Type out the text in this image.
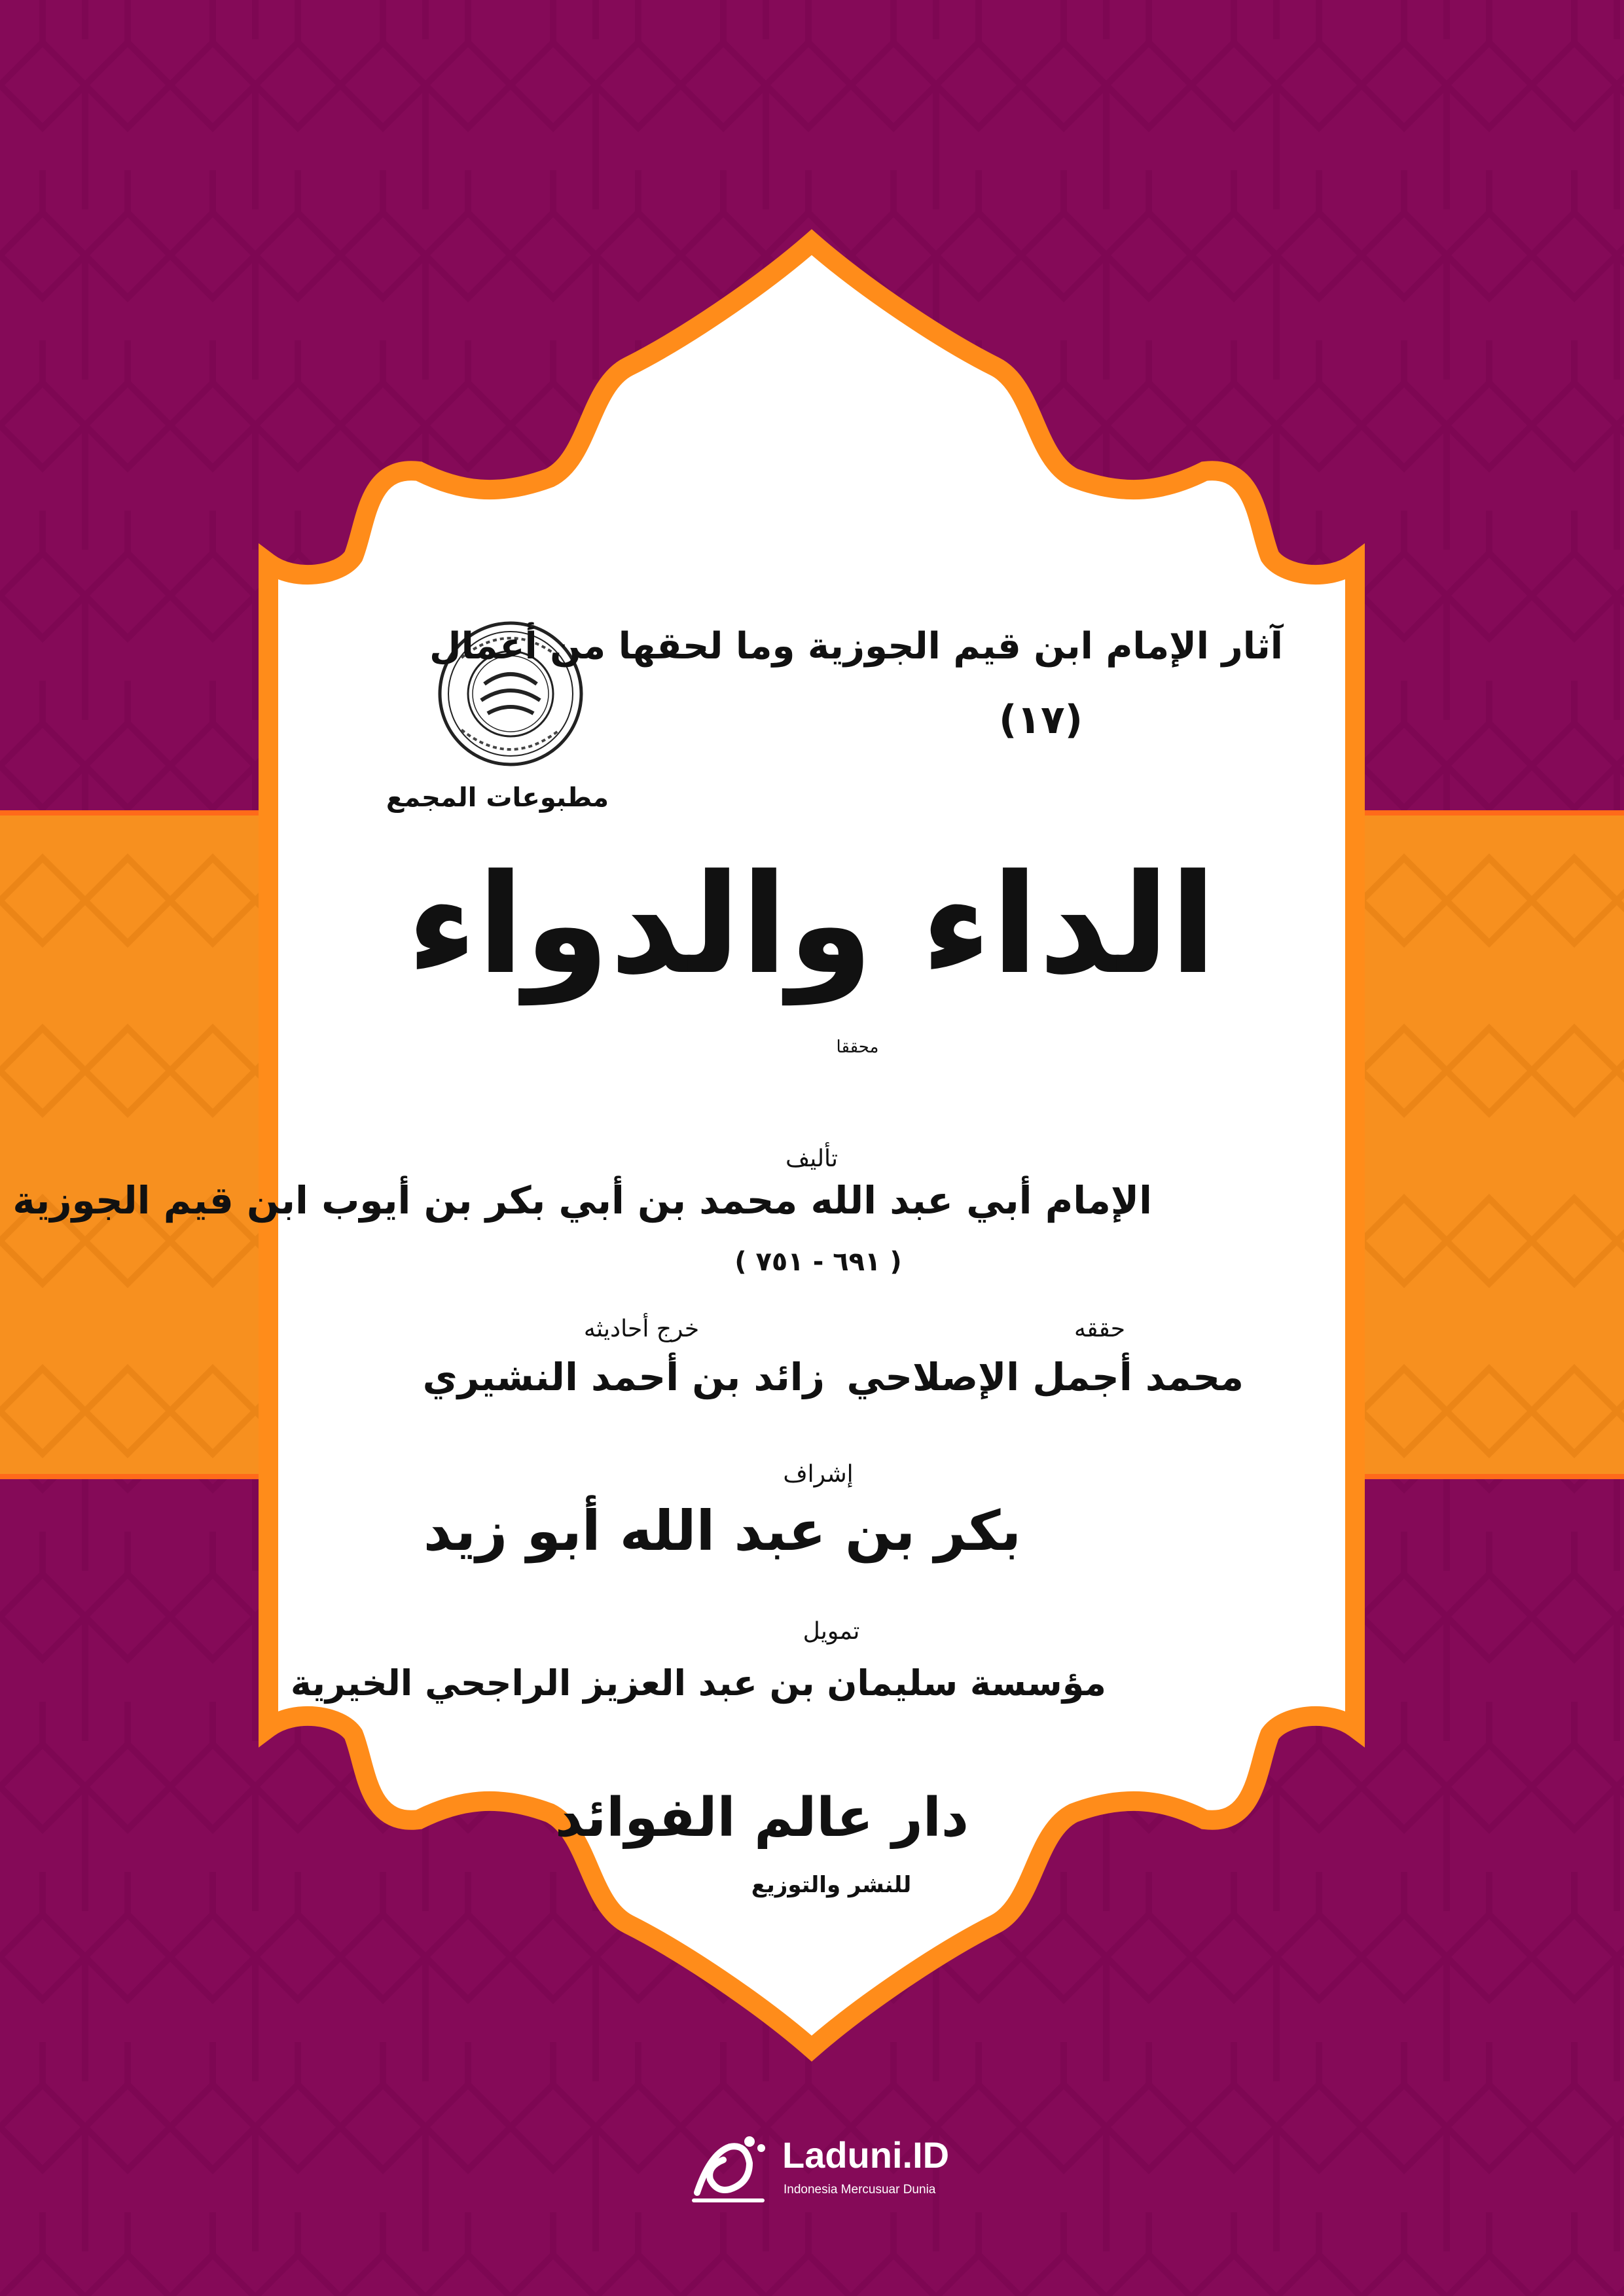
مطبوعات المجمع
آثار الإمام ابن قيم الجوزية وما لحقها من أعمال
(١٧)
الداء والدواء
محققا
تأليف
الإمام أبي عبد الله محمد بن أبي بكر بن أيوب ابن قيم الجوزية
( ٦٩١ - ٧٥١ )
حققه
محمد أجمل الإصلاحي
خرج أحاديثه
زائد بن أحمد النشيري
إشراف
بكر بن عبد الله أبو زيد
تمويل
مؤسسة سليمان بن عبد العزيز الراجحي الخيرية
دار عالم الفوائد
للنشر والتوزيع
Laduni.ID
Indonesia Mercusuar Dunia
